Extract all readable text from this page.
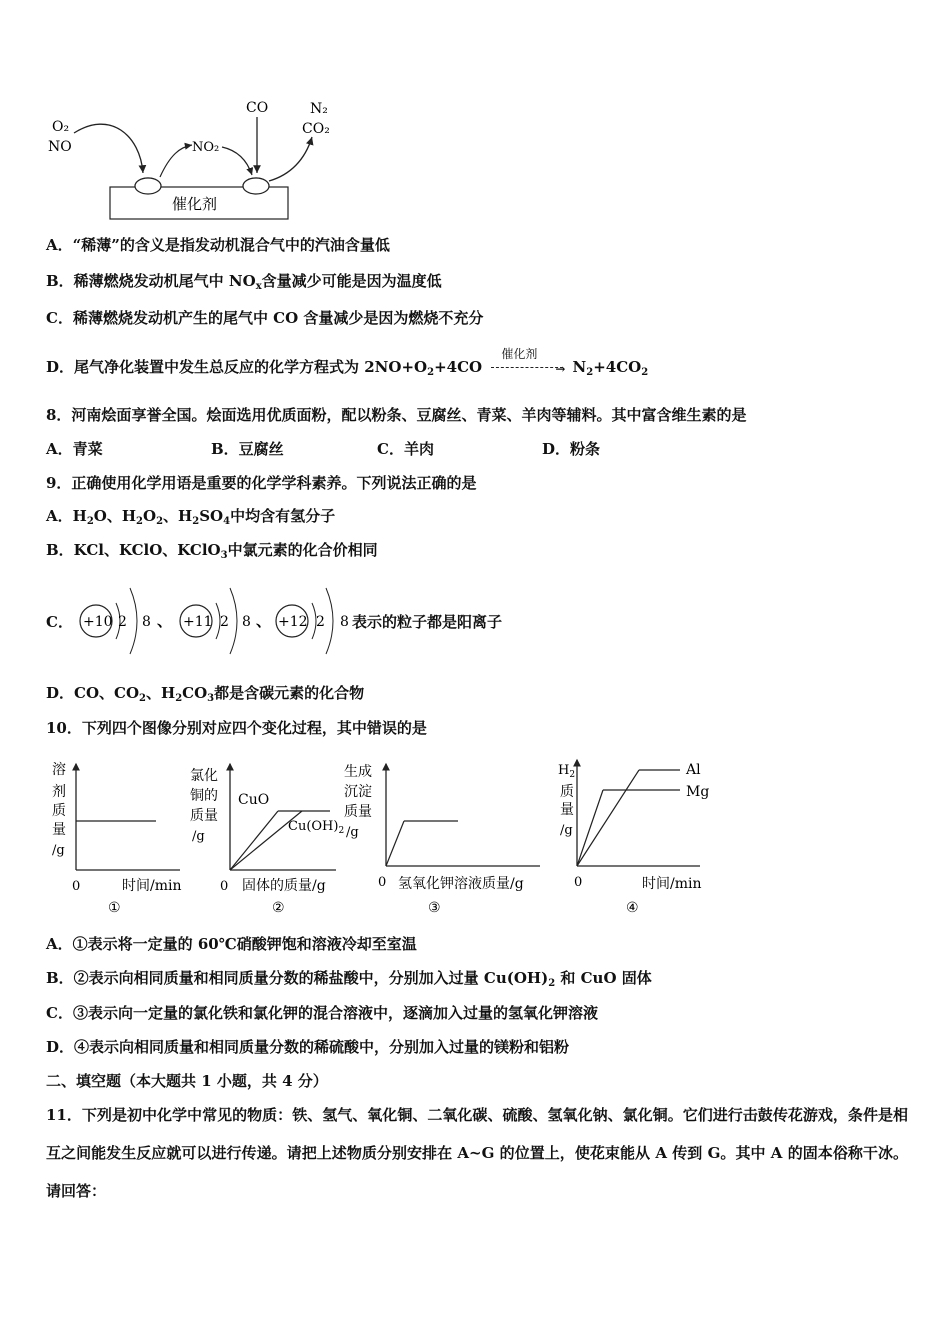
O₂
NO	NO₂
CO	N₂
CO₂
催化剂
A．“稀薄”的含义是指发动机混合气中的汽油含量低
B．稀薄燃烧发动机尾气中 $NO_x$含量减少可能是因为温度低
C．稀薄燃烧发动机产生的尾气中 CO 含量减少是因为燃烧不充分
D．尾气净化装置中发生总反应的化学方程式为 $2NO+O_2+4CO$
催化剂
→ $N_2+4CO_2$
8．河南烩面享誉全国。烩面选用优质面粉，配以粉条、豆腐丝、青菜、羊肉等辅料。其中富含维生素的是
A．青菜	B．豆腐丝	C．羊肉	D．粉条
9．正确使用化学用语是重要的化学学科素养。下列说法正确的是
A．$H_2O$、$H_2O_2$、$H_2SO_4$中均含有氢分子
B．KCl、KClO、KClO$_3$中氯元素的化合价相同
C． +10 2 8 、 +11 2 8 、 +12 2 8 表示的粒子都是阳离子
D．CO、$CO_2$、$H_2CO_3$都是含碳元素的化合物
10．下列四个图像分别对应四个变化过程，其中错误的是
溶
剂
质
量
/g
0	时间/min
①
氯化
铜的
质量
/g
CuO
$Cu(OH)_2$
0 固体的质量/g
②
生成
沉淀
质量
/g
0 氢氧化钾溶液质量/g
③
$H_2$
质
量
/g
Al
Mg
0	时间/min
④
A．①表示将一定量的 60℃硝酸钾饱和溶液冷却至室温
B．②表示向相同质量和相同质量分数的稀盐酸中，分别加入过量 $Cu(OH)_2$ 和 CuO 固体
C．③表示向一定量的氯化铁和氯化钾的混合溶液中，逐滴加入过量的氢氧化钾溶液
D．④表示向相同质量和相同质量分数的稀硫酸中，分别加入过量的镁粉和铝粉
二、填空题（本大题共 1 小题，共 4 分）
11．下列是初中化学中常见的物质：铁、氢气、氧化铜、二氧化碳、硫酸、氢氧化钠、氯化铜。它们进行击鼓传花游戏，条件是相互之间能发生反应就可以进行传递。请把上述物质分别安排在 A~G 的位置上，使花束能从 A 传到 G。其中 A 的固本俗称干冰。请回答：
